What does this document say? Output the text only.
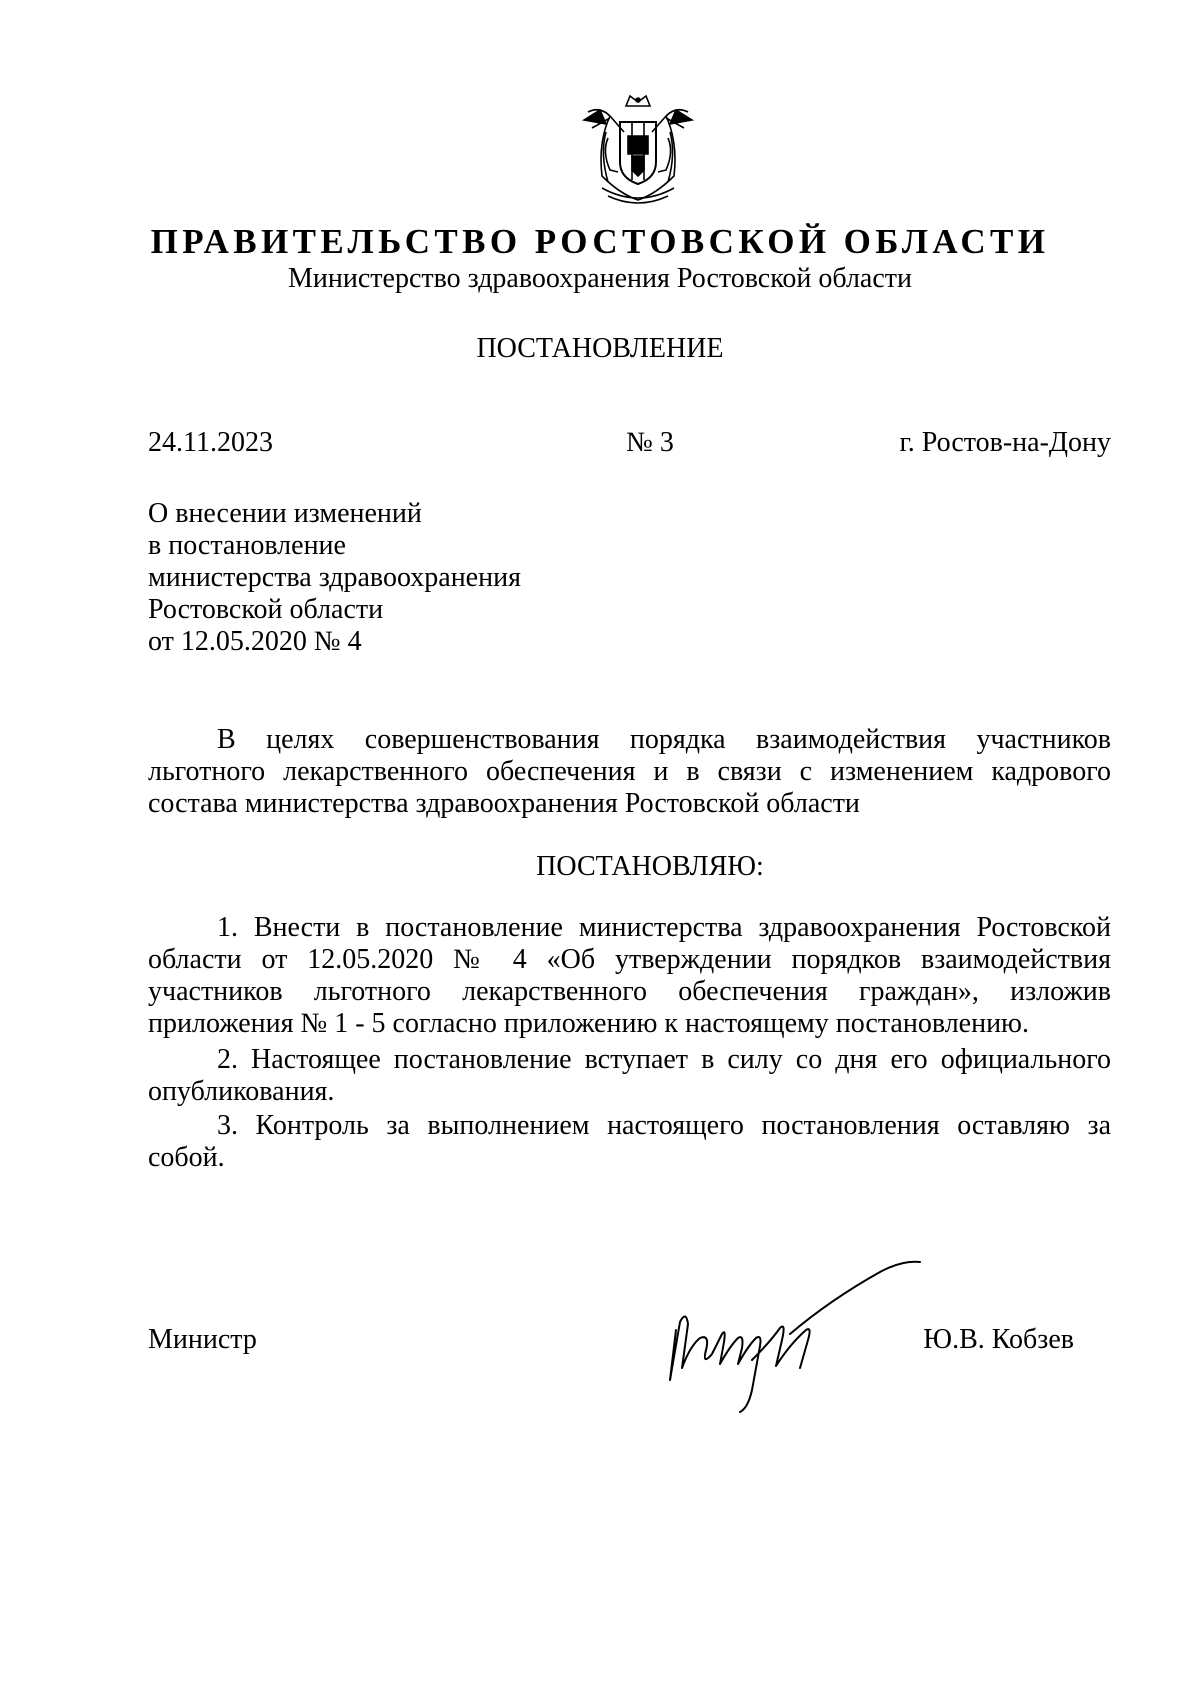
ПРАВИТЕЛЬСТВО РОСТОВСКОЙ ОБЛАСТИ
Министерство здравоохранения Ростовской области
ПОСТАНОВЛЕНИЕ
24.11.2023	№ 3	г. Ростов-на-Дону
О внесении изменений
в постановление
министерства здравоохранения
Ростовской области
от 12.05.2020 № 4
В целях совершенствования порядка взаимодействия участников льготного лекарственного обеспечения и в связи с изменением кадрового состава министерства здравоохранения Ростовской области
ПОСТАНОВЛЯЮ:
1. Внести в постановление министерства здравоохранения Ростовской области от 12.05.2020 № 4 «Об утверждении порядков взаимодействия участников льготного лекарственного обеспечения граждан», изложив приложения № 1 - 5 согласно приложению к настоящему постановлению.
2. Настоящее постановление вступает в силу со дня его официального опубликования.
3. Контроль за выполнением настоящего постановления оставляю за собой.
Министр	Ю.В. Кобзев
